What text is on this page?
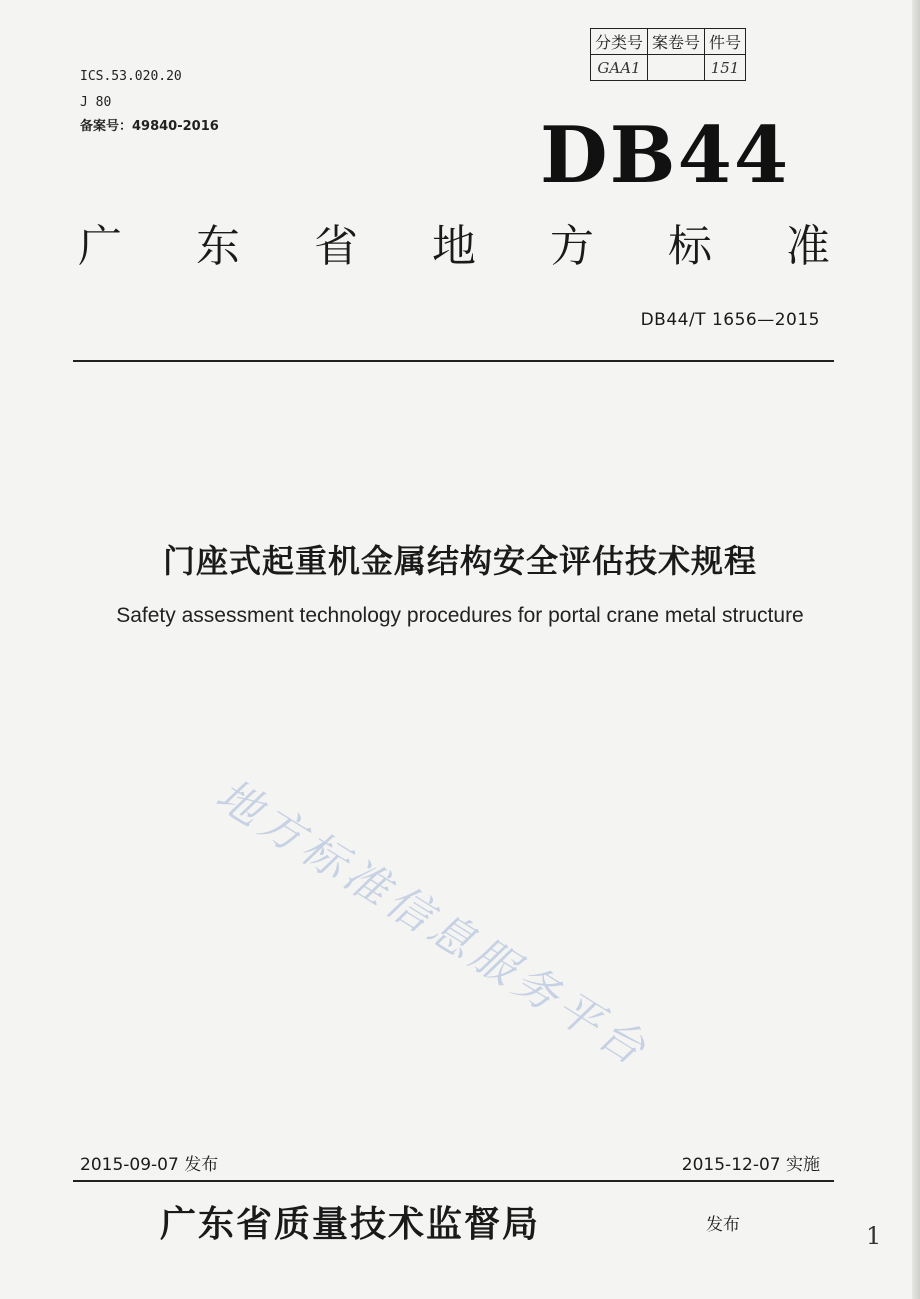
ICS.53.020.20
J 80
备案号：49840-2016
分类号	案卷号	件号
GAA1		151
DB44
广 东 省 地 方 标 准
DB44/T 1656—2015
门座式起重机金属结构安全评估技术规程
Safety assessment technology procedures for portal crane metal structure
地方标准信息服务平台
2015-09-07 发布	2015-12-07 实施
广东省质量技术监督局	发布	1
